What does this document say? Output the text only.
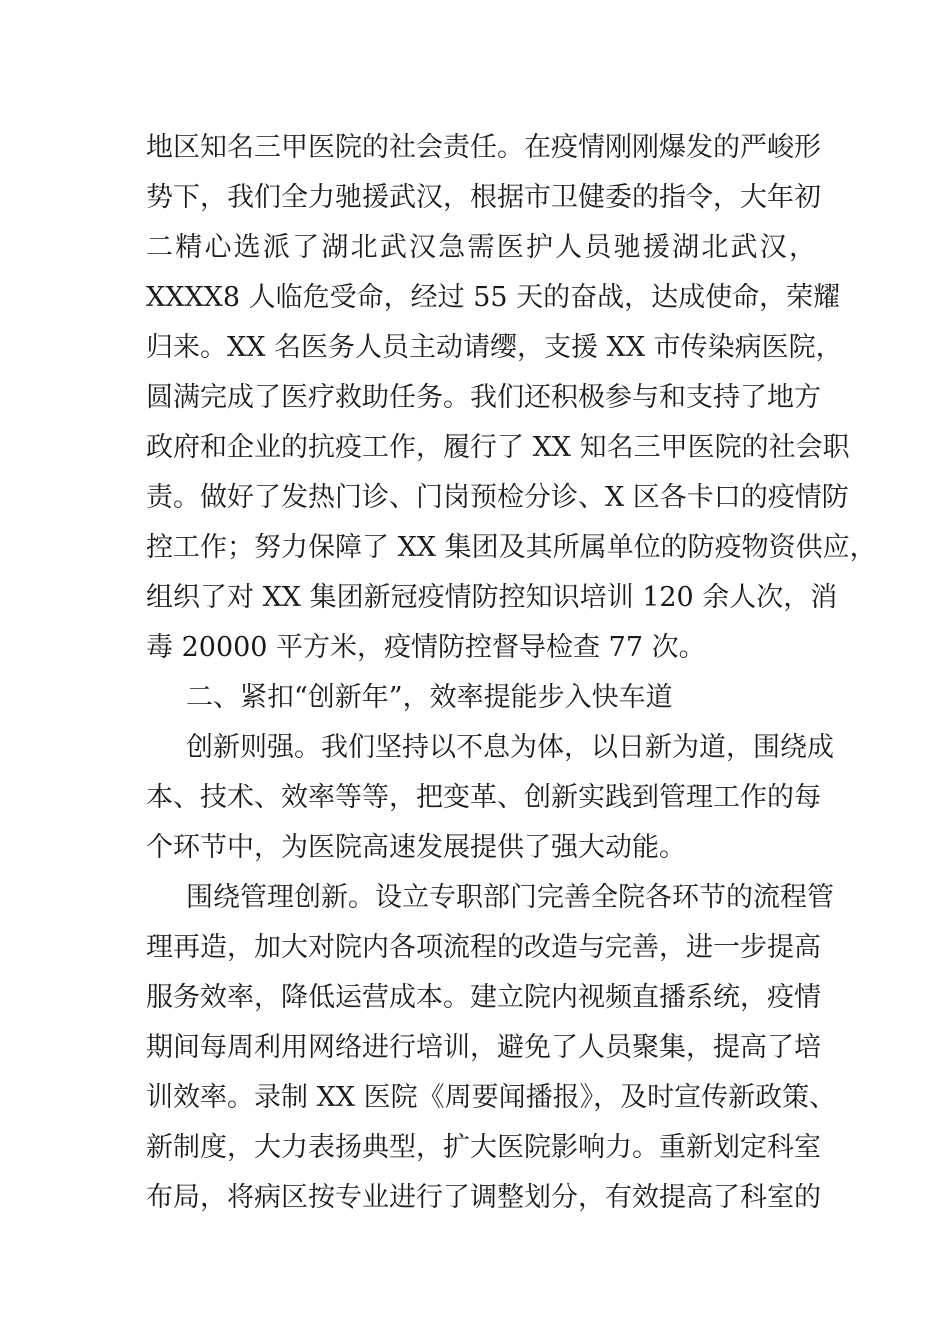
地区知名三甲医院的社会责任。在疫情刚刚爆发的严峻形
势下，我们全力驰援武汉，根据市卫健委的指令，大年初
二精心选派了湖北武汉急需医护人员驰援湖北武汉，
XXXX8 人临危受命，经过 55 天的奋战，达成使命，荣耀
归来。XX 名医务人员主动请缨，支援 XX 市传染病医院，
圆满完成了医疗救助任务。我们还积极参与和支持了地方
政府和企业的抗疫工作，履行了 XX 知名三甲医院的社会职
责。做好了发热门诊、门岗预检分诊、X 区各卡口的疫情防
控工作；努力保障了 XX 集团及其所属单位的防疫物资供应，
组织了对 XX 集团新冠疫情防控知识培训 120 余人次，消
毒 20000 平方米，疫情防控督导检查 77 次。
二、紧扣“创新年”，效率提能步入快车道
创新则强。我们坚持以不息为体，以日新为道，围绕成
本、技术、效率等等，把变革、创新实践到管理工作的每
个环节中，为医院高速发展提供了强大动能。
围绕管理创新。设立专职部门完善全院各环节的流程管
理再造，加大对院内各项流程的改造与完善，进一步提高
服务效率，降低运营成本。建立院内视频直播系统，疫情
期间每周利用网络进行培训，避免了人员聚集，提高了培
训效率。录制 XX 医院《周要闻播报》，及时宣传新政策、
新制度，大力表扬典型，扩大医院影响力。重新划定科室
布局，将病区按专业进行了调整划分，有效提高了科室的
